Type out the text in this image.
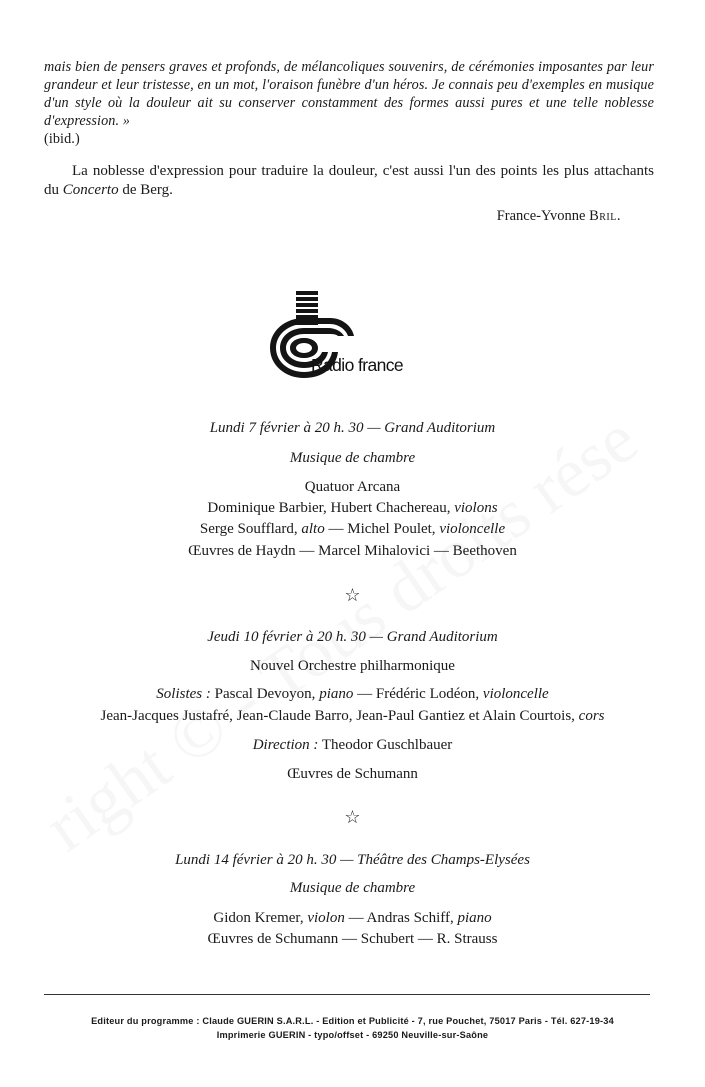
mais bien de pensers graves et profonds, de mélancoliques souvenirs, de cérémonies imposantes par leur grandeur et leur tristesse, en un mot, l'oraison funèbre d'un héros. Je connais peu d'exemples en musique d'un style où la douleur ait su conserver constamment des formes aussi pures et une telle noblesse d'expression. »
(ibid.)
La noblesse d'expression pour traduire la douleur, c'est aussi l'un des points les plus attachants du Concerto de Berg.
France-Yvonne Bril.
Radio france
Lundi 7 février à 20 h. 30 — Grand Auditorium
Musique de chambre
Quatuor Arcana
Dominique Barbier, Hubert Chachereau, violons
Serge Soufflard, alto — Michel Poulet, violoncelle
Œuvres de Haydn — Marcel Mihalovici — Beethoven
☆
Jeudi 10 février à 20 h. 30 — Grand Auditorium
Nouvel Orchestre philharmonique
Solistes : Pascal Devoyon, piano — Frédéric Lodéon, violoncelle
Jean-Jacques Justafré, Jean-Claude Barro, Jean-Paul Gantiez et Alain Courtois, cors
Direction : Theodor Guschlbauer
Œuvres de Schumann
☆
Lundi 14 février à 20 h. 30 — Théâtre des Champs-Elysées
Musique de chambre
Gidon Kremer, violon — Andras Schiff, piano
Œuvres de Schumann — Schubert — R. Strauss
Editeur du programme : Claude GUERIN S.A.R.L. - Edition et Publicité - 7, rue Pouchet, 75017 Paris - Tél. 627-19-34
Imprimerie GUERIN - typo/offset - 69250 Neuville-sur-Saône
